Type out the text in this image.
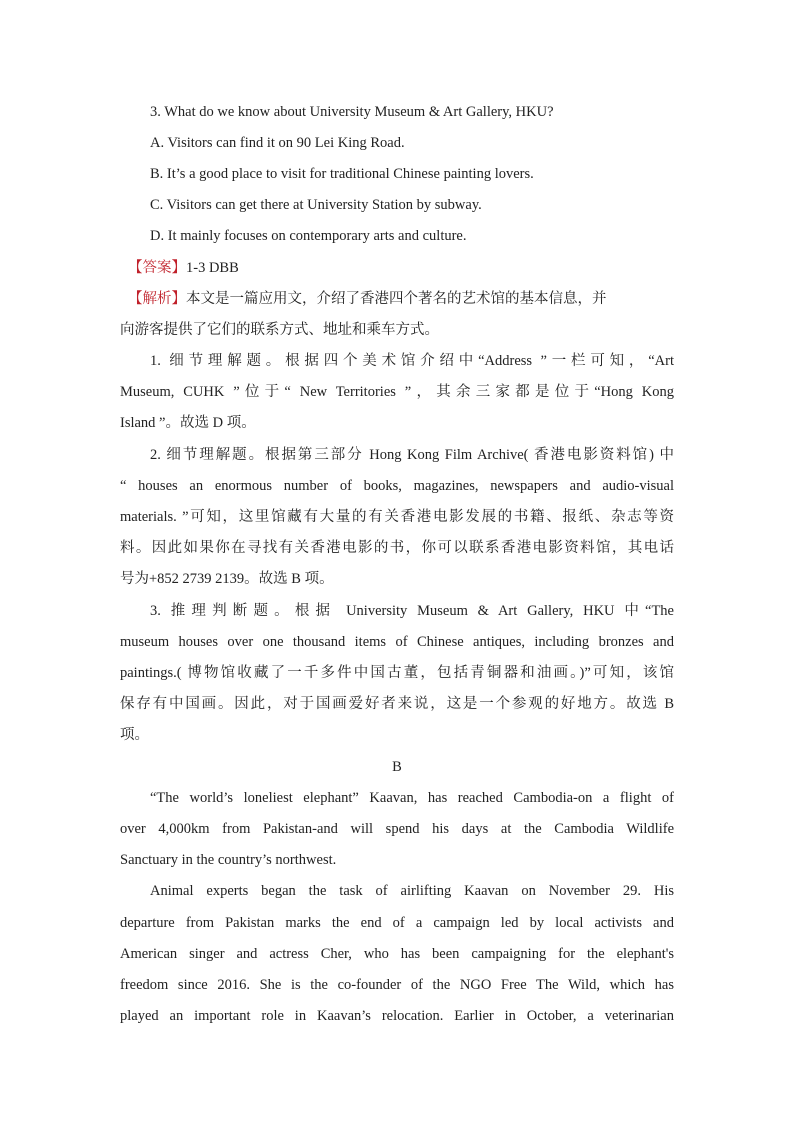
3. What do we know about University Museum & Art Gallery, HKU?
A. Visitors can find it on 90 Lei King Road.
B. It’s a good place to visit for traditional Chinese painting lovers.
C. Visitors can get there at University Station by subway.
D. It mainly focuses on contemporary arts and culture.
【答案】1-3 DBB
【解析】本文是一篇应用文，介绍了香港四个著名的艺术馆的基本信息，并
向游客提供了它们的联系方式、地址和乘车方式。
1. 细节理解题。根据四个美术馆介绍中“Address ”一栏可知，“Art
Museum, CUHK ”位于“ New Territories ”，其余三家都是位于“Hong Kong
Island ”。故选 D 项。
2. 细节理解题。根据第三部分 Hong Kong Film Archive( 香港电影资料馆) 中
“ houses an enormous number of books, magazines, newspapers and audio-visual
materials. ”可知，这里馆藏有大量的有关香港电影发展的书籍、报纸、杂志等资
料。因此如果你在寻找有关香港电影的书，你可以联系香港电影资料馆，其电话
号为+852 2739 2139。故选 B 项。
3. 推理判断题。根据 University Museum & Art Gallery, HKU 中“The
museum houses over one thousand items of Chinese antiques, including bronzes and
paintings.( 博物馆收藏了一千多件中国古董，包括青铜器和油画。)”可知，该馆
保存有中国画。因此，对于国画爱好者来说，这是一个参观的好地方。故选 B
项。
B
“The world’s loneliest elephant” Kaavan, has reached Cambodia-on a flight of
over 4,000km from Pakistan-and will spend his days at the Cambodia Wildlife
Sanctuary in the country’s northwest.
Animal experts began the task of airlifting Kaavan on November 29. His
departure from Pakistan marks the end of a campaign led by local activists and
American singer and actress Cher, who has been campaigning for the elephant's
freedom since 2016. She is the co-founder of the NGO Free The Wild, which has
played an important role in Kaavan’s relocation. Earlier in October, a veterinarian
